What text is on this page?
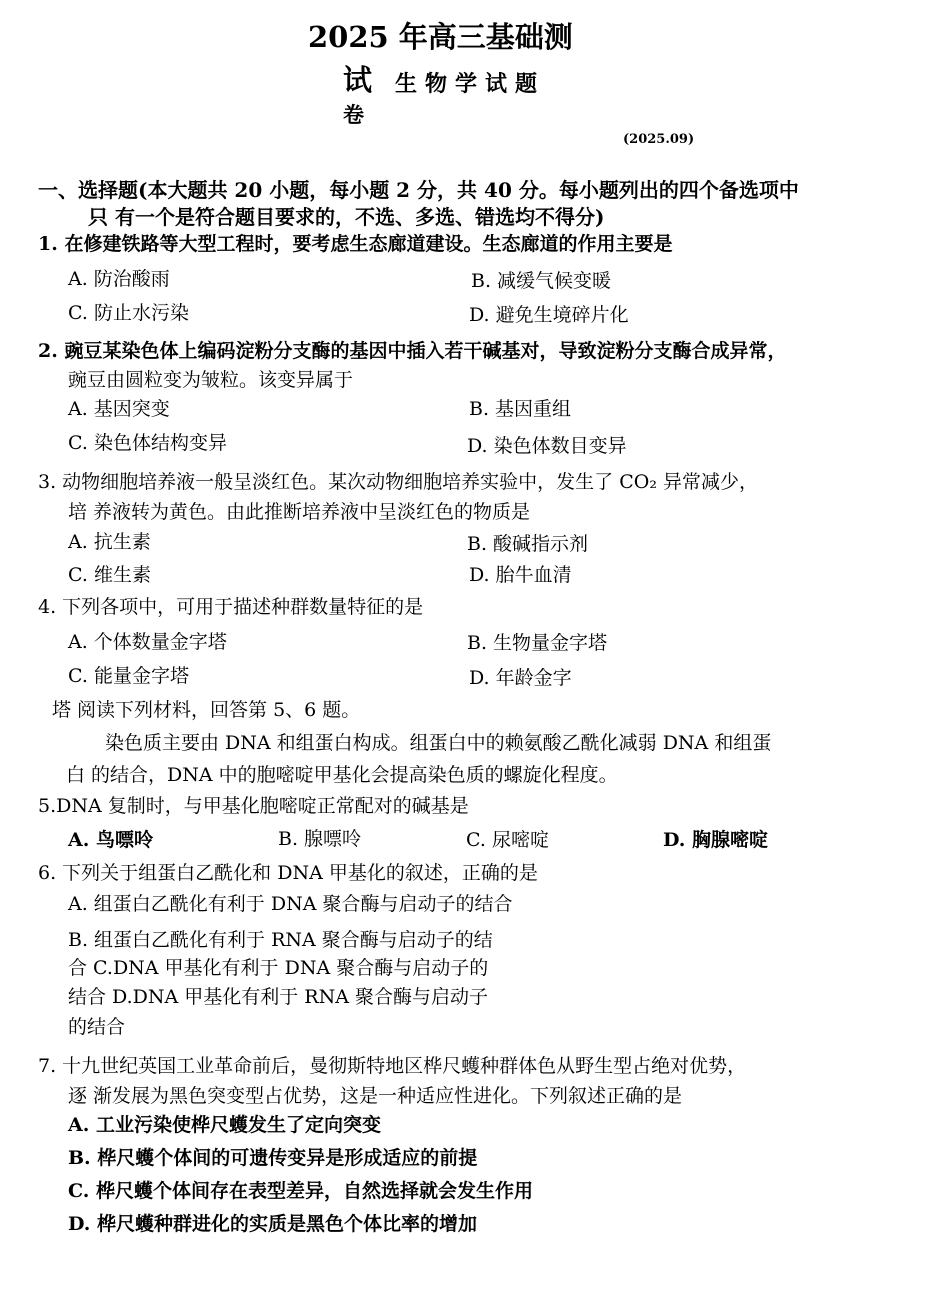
2025 年高三基础测
试 生物学试题
卷
(2025.09)
一、选择题(本大题共 20 小题，每小题 2 分，共 40 分。每小题列出的四个备选项中
只 有一个是符合题目要求的，不选、多选、错选均不得分)
1. 在修建铁路等大型工程时，要考虑生态廊道建设。生态廊道的作用主要是
A. 防治酸雨	B. 减缓气候变暖
C. 防止水污染	D. 避免生境碎片化
2. 豌豆某染色体上编码淀粉分支酶的基因中插入若干碱基对，导致淀粉分支酶合成异常，
豌豆由圆粒变为皱粒。该变异属于
A. 基因突变	B. 基因重组
C. 染色体结构变异	D. 染色体数目变异
3. 动物细胞培养液一般呈淡红色。某次动物细胞培养实验中，发生了 CO₂ 异常减少，
培 养液转为黄色。由此推断培养液中呈淡红色的物质是
A. 抗生素	B. 酸碱指示剂
C. 维生素	D. 胎牛血清
4. 下列各项中，可用于描述种群数量特征的是
A. 个体数量金字塔	B. 生物量金字塔
C. 能量金字塔	D. 年龄金字
塔 阅读下列材料，回答第 5、6 题。
染色质主要由 DNA 和组蛋白构成。组蛋白中的赖氨酸乙酰化减弱 DNA 和组蛋
白 的结合，DNA 中的胞嘧啶甲基化会提高染色质的螺旋化程度。
5.DNA 复制时，与甲基化胞嘧啶正常配对的碱基是
A. 鸟嘌呤	B. 腺嘌呤	C. 尿嘧啶	D. 胸腺嘧啶
6. 下列关于组蛋白乙酰化和 DNA 甲基化的叙述，正确的是
A. 组蛋白乙酰化有利于 DNA 聚合酶与启动子的结合
B. 组蛋白乙酰化有利于 RNA 聚合酶与启动子的结
合 C.DNA 甲基化有利于 DNA 聚合酶与启动子的
结合 D.DNA 甲基化有利于 RNA 聚合酶与启动子
的结合
7. 十九世纪英国工业革命前后，曼彻斯特地区桦尺蠖种群体色从野生型占绝对优势，
逐 渐发展为黑色突变型占优势，这是一种适应性进化。下列叙述正确的是
A. 工业污染使桦尺蠖发生了定向突变
B. 桦尺蠖个体间的可遗传变异是形成适应的前提
C. 桦尺蠖个体间存在表型差异，自然选择就会发生作用
D. 桦尺蠖种群进化的实质是黑色个体比率的增加
